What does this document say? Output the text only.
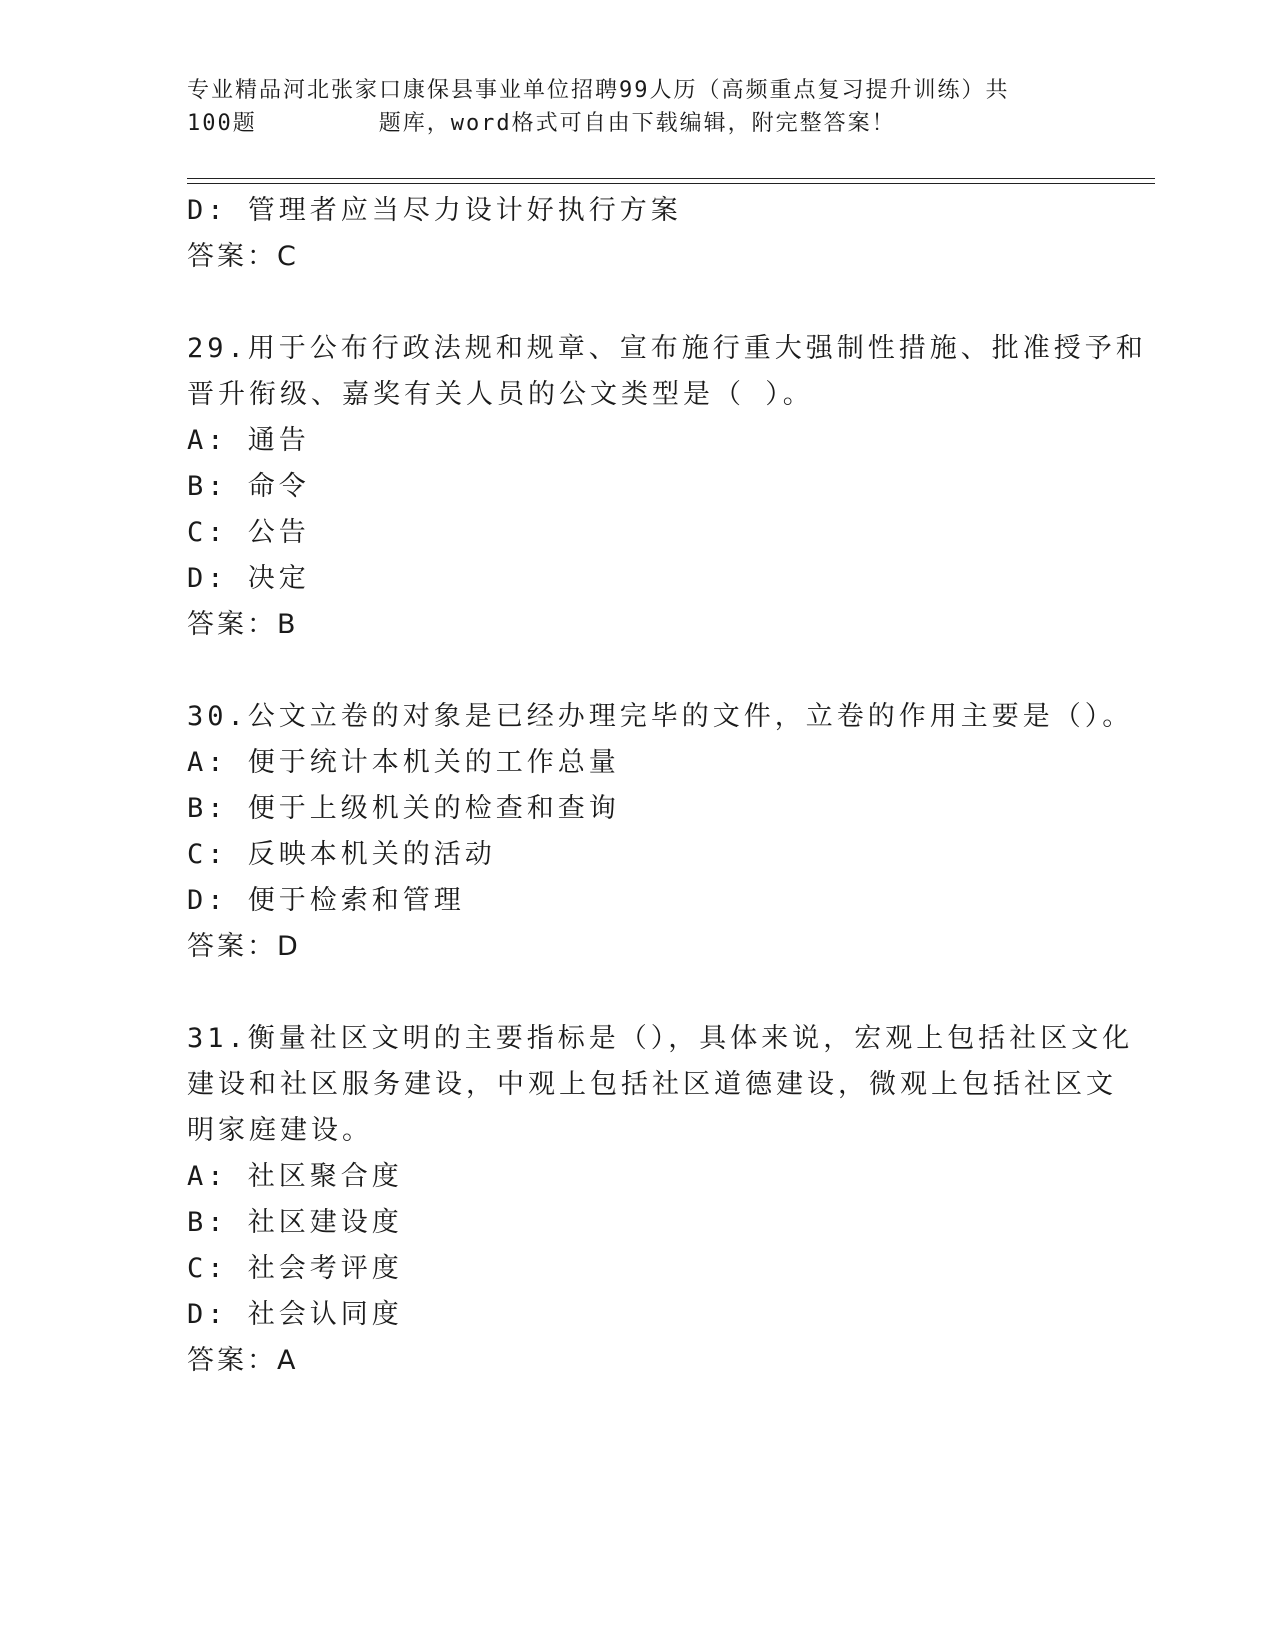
专业精品河北张家口康保县事业单位招聘99人历（高频重点复习提升训练）共
100题        题库，word格式可自由下载编辑，附完整答案！
D: 管理者应当尽力设计好执行方案
答案：C
29.用于公布行政法规和规章、宣布施行重大强制性措施、批准授予和
晋升衔级、嘉奖有关人员的公文类型是（ ）。
A: 通告
B: 命令
C: 公告
D: 决定
答案：B
30.公文立卷的对象是已经办理完毕的文件，立卷的作用主要是（）。
A: 便于统计本机关的工作总量
B: 便于上级机关的检查和查询
C: 反映本机关的活动
D: 便于检索和管理
答案：D
31.衡量社区文明的主要指标是（），具体来说，宏观上包括社区文化
建设和社区服务建设，中观上包括社区道德建设，微观上包括社区文
明家庭建设。
A: 社区聚合度
B: 社区建设度
C: 社会考评度
D: 社会认同度
答案：A
